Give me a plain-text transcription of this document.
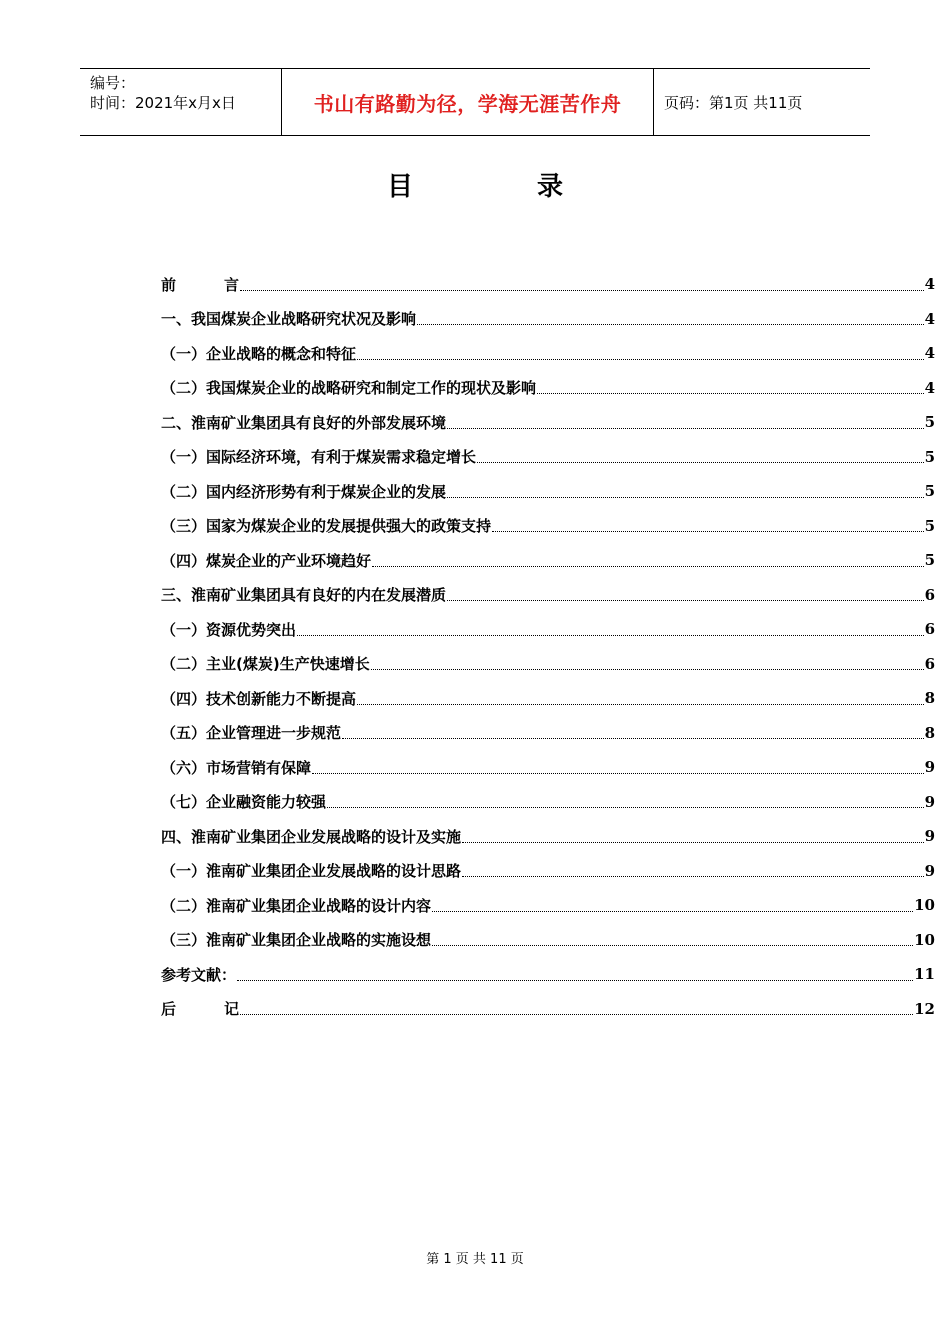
编号：
时间：2021年x月x日	书山有路勤为径，学海无涯苦作舟	页码：第1页 共11页
目	录
前	言	4
一、我国煤炭企业战略研究状况及影响	4
（一）企业战略的概念和特征	4
（二）我国煤炭企业的战略研究和制定工作的现状及影响	4
二、淮南矿业集团具有良好的外部发展环境	5
（一）国际经济环境，有利于煤炭需求稳定增长	5
（二）国内经济形势有利于煤炭企业的发展	5
（三）国家为煤炭企业的发展提供强大的政策支持	5
（四）煤炭企业的产业环境趋好	5
三、淮南矿业集团具有良好的内在发展潜质	6
（一）资源优势突出	6
（二）主业(煤炭)生产快速增长	6
（四）技术创新能力不断提高	8
（五）企业管理进一步规范	8
（六）市场营销有保障	9
（七）企业融资能力较强	9
四、淮南矿业集团企业发展战略的设计及实施	9
（一）淮南矿业集团企业发展战略的设计思路	9
（二）淮南矿业集团企业战略的设计内容	10
（三）淮南矿业集团企业战略的实施设想	10
参考文献：	11
后	记	12
第 1 页 共 11 页
